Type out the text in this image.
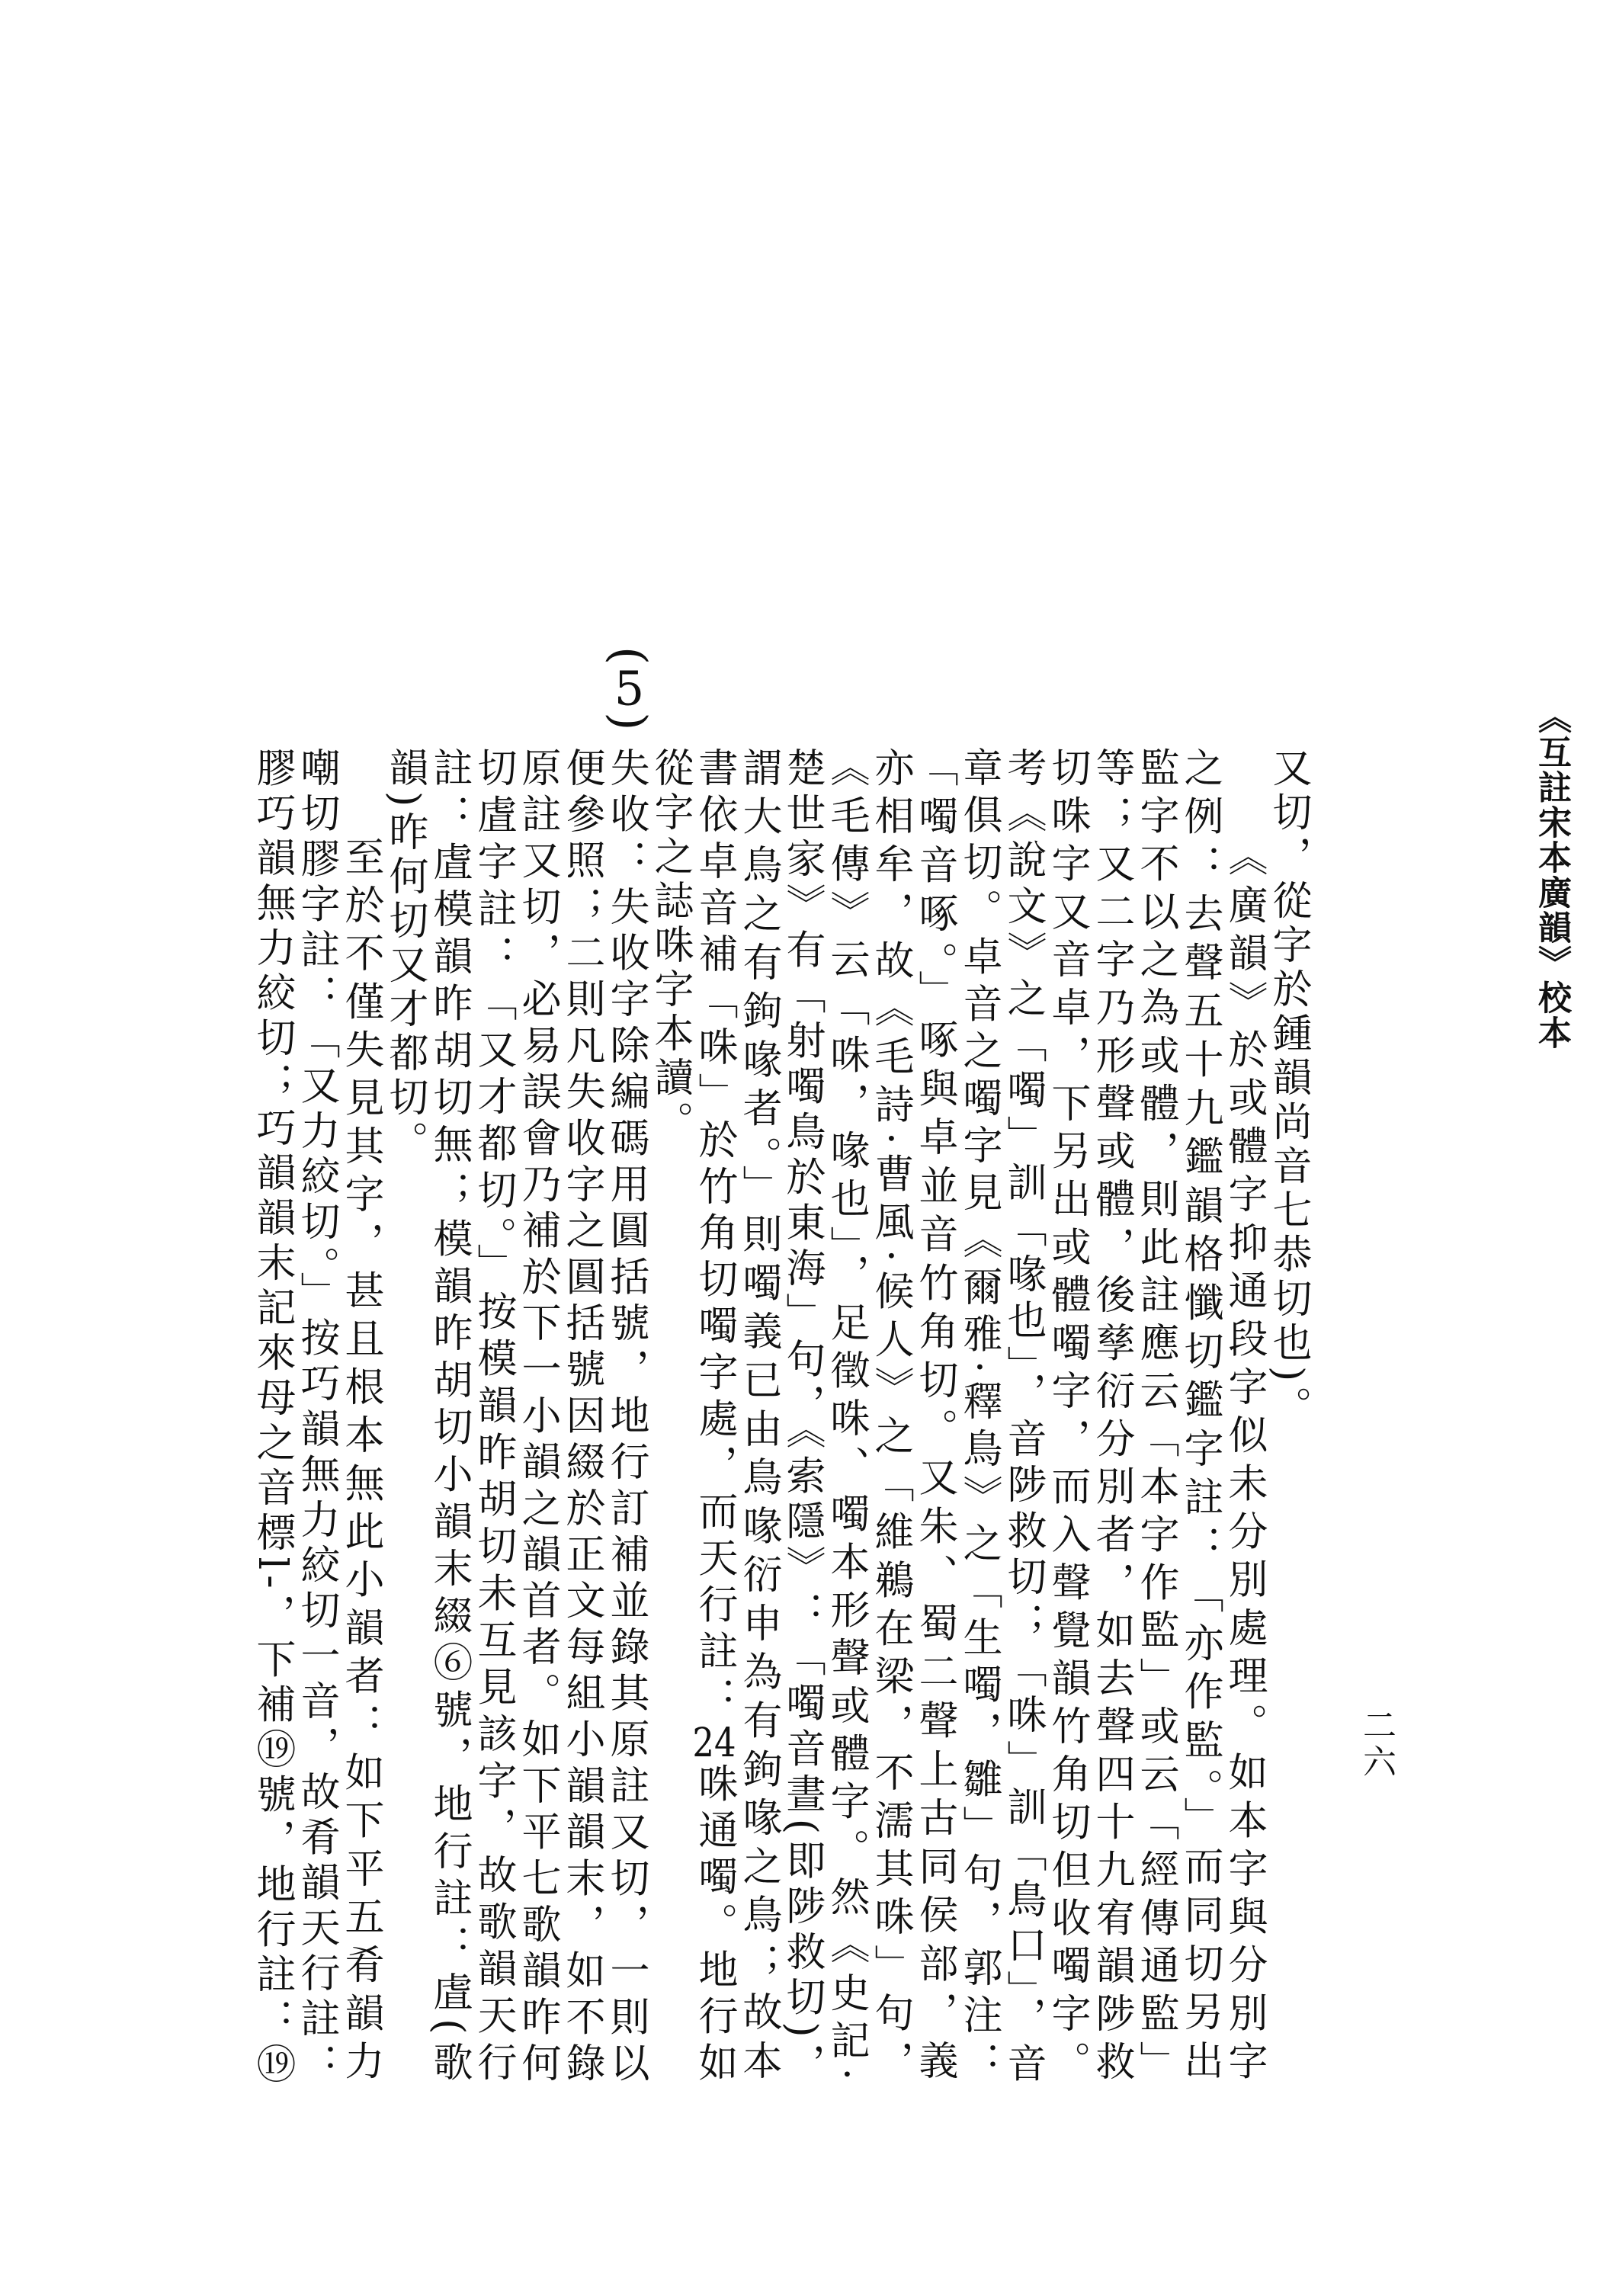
《互註宋本廣韻》校本
二六
又切，從字於鍾韻尚音七恭切也)。
《廣韻》於或體字抑通段字似未分別處理。如本字與分別字
之例：去聲五十九鑑韻格懺切鑑字註：「亦作監。」而同切另出
監字不以之為或體，則此註應云「本字作監」或云「經傳通監」
等；又二字乃形聲或體，後孳衍分別者，如去聲四十九宥韻陟救
切咮字又音卓，下另出或體噣字，而入聲覺韻竹角切但收噣字。
考《說文》之「噣」訓「喙也」，音陟救切；「咮」訓「鳥口」，音
章俱切。卓音之噣字見《爾雅·釋鳥》之「生噣，雛」句，郭注：
「噣音啄。」啄與卓並音竹角切。又朱、蜀二聲上古同侯部，義
亦相牟，故《毛詩·曹風·候人》之「維鵜在梁，不濡其咮」句，
《毛傳》云「咮，喙也」，足徵咮、噣本形聲或體字。然《史記·
楚世家》有「射噣鳥於東海」句，《索隱》：「噣音晝(即陟救切)，
謂大鳥之有鉤喙者。」則噣義已由鳥喙衍申為有鉤喙之鳥；故本
書依卓音補「咮」於竹角切噣字處，而天行註：24咮通噣。地行如
從字之誌咮字本讀。
(5)
失收：失收字除編碼用圓括號，地行訂補並錄其原註又切，一則以
便參照；二則凡失收字之圓括號因綴於正文每組小韻韻末，如不錄
原註又切，必易誤會乃補於下一小韻之韻首者。如下平七歌韻昨何
切虘字註：「又才都切。」按模韻昨胡切未互見該字，故歌韻天行
註：虘模韻昨胡切無；模韻昨胡切小韻末綴⑥號，地行註：虘(歌
韻)昨何切又才都切。
至於不僅失見其字，甚且根本無此小韻者：如下平五肴韻力
嘲切膠字註：「又力絞切。」按巧韻無力絞切一音，故肴韻天行註：
膠巧韻無力絞切；巧韻韻末記來母之音標l-，下補⑲號，地行註：⑲
